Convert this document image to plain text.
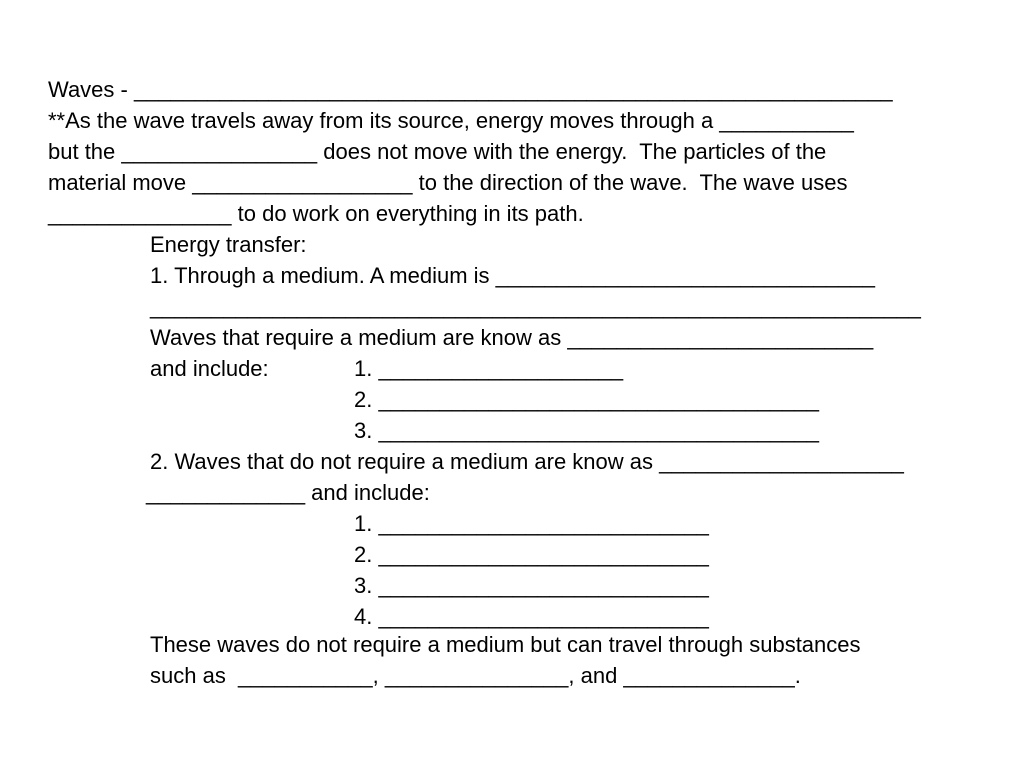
Waves - ______________________________________________________________
**As the wave travels away from its source, energy moves through a ___________
but the ________________ does not move with the energy.  The particles of the
material move __________________ to the direction of the wave.  The wave uses
_______________ to do work on everything in its path.
Energy transfer:
1. Through a medium. A medium is _______________________________
_______________________________________________________________
Waves that require a medium are know as _________________________
and include:	1. ____________________
2. ____________________________________
3. ____________________________________
2. Waves that do not require a medium are know as ____________________
_____________ and include:
1. ___________________________
2. ___________________________
3. ___________________________
4. ___________________________
These waves do not require a medium but can travel through substances
such as  ___________, _______________, and ______________.
